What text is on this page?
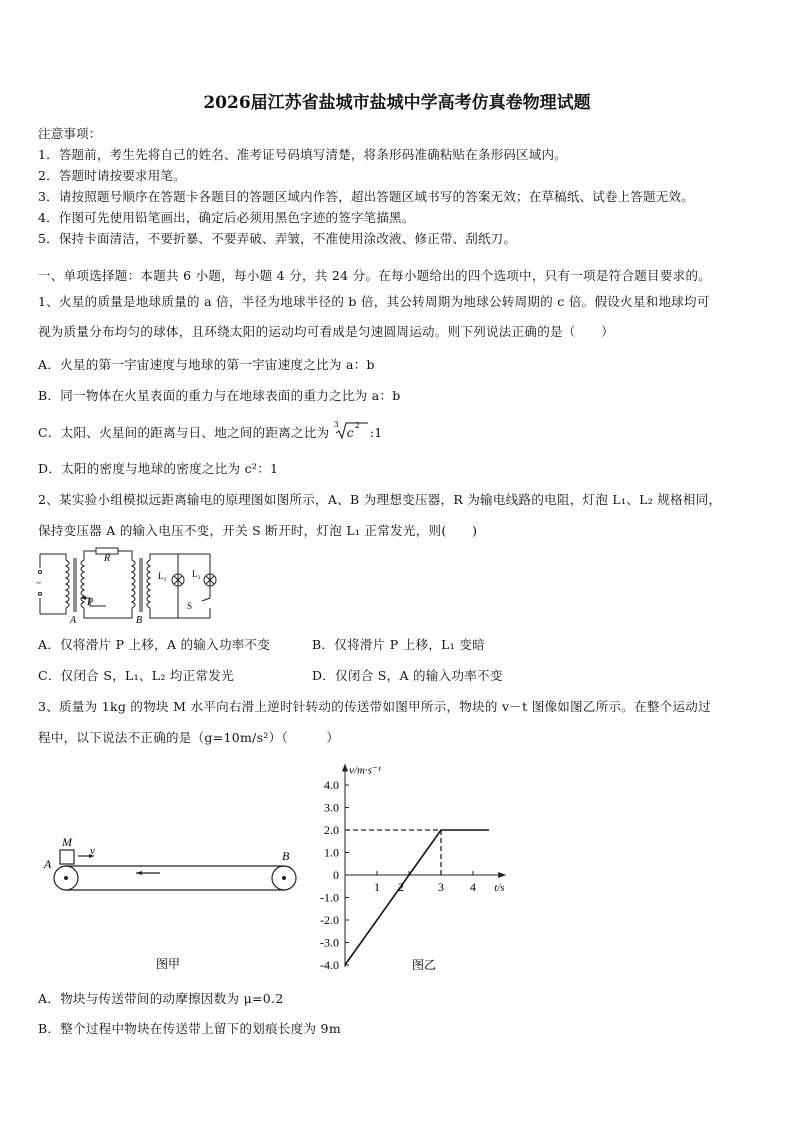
2026届江苏省盐城市盐城中学高考仿真卷物理试题
注意事项：
1．答题前，考生先将自己的姓名、准考证号码填写清楚，将条形码准确粘贴在条形码区域内。
2．答题时请按要求用笔。
3．请按照题号顺序在答题卡各题目的答题区域内作答，超出答题区域书写的答案无效；在草稿纸、试卷上答题无效。
4．作图可先使用铅笔画出，确定后必须用黑色字迹的签字笔描黑。
5．保持卡面清洁，不要折暴、不要弄破、弄皱，不准使用涂改液、修正带、刮纸刀。
一、单项选择题：本题共 6 小题，每小题 4 分，共 24 分。在每小题给出的四个选项中，只有一项是符合题目要求的。
1、火星的质量是地球质量的 a 倍，半径为地球半径的 b 倍，其公转周期为地球公转周期的 c 倍。假设火星和地球均可
视为质量分布均匀的球体，且环绕太阳的运动均可看成是匀速圆周运动。则下列说法正确的是（　　）
A．火星的第一宇宙速度与地球的第一宇宙速度之比为 a：b
B．同一物体在火星表面的重力与在地球表面的重力之比为 a：b
C．太阳、火星间的距离与日、地之间的距离之比为
3
c 2 :1
D．太阳的密度与地球的密度之比为 c²：1
2、某实验小组模拟远距离输电的原理图如图所示，A、B 为理想变压器，R 为输电线路的电阻，灯泡 L₁、L₂ 规格相同，
保持变压器 A 的输入电压不变，开关 S 断开时，灯泡 L₁ 正常发光，则(　　)
R
P
A	B
L₁	L₂
S
~
A．仅将滑片 P 上移，A 的输入功率不变	B．仅将滑片 P 上移，L₁ 变暗
C．仅闭合 S，L₁、L₂ 均正常发光	D．仅闭合 S，A 的输入功率不变
3、质量为 1kg 的物块 M 水平向右滑上逆时针转动的传送带如图甲所示，物块的 v－t 图像如图乙所示。在整个运动过
程中，以下说法不正确的是（g=10m/s²）（　　　）
M
v
A
B
图甲	图乙
4.0
3.0
2.0
1.0
0
-1.0
-2.0
-3.0
-4.0
1 2	3 4
v/m·s⁻¹
t/s
A．物块与传送带间的动摩擦因数为 μ=0.2
B．整个过程中物块在传送带上留下的划痕长度为 9m
